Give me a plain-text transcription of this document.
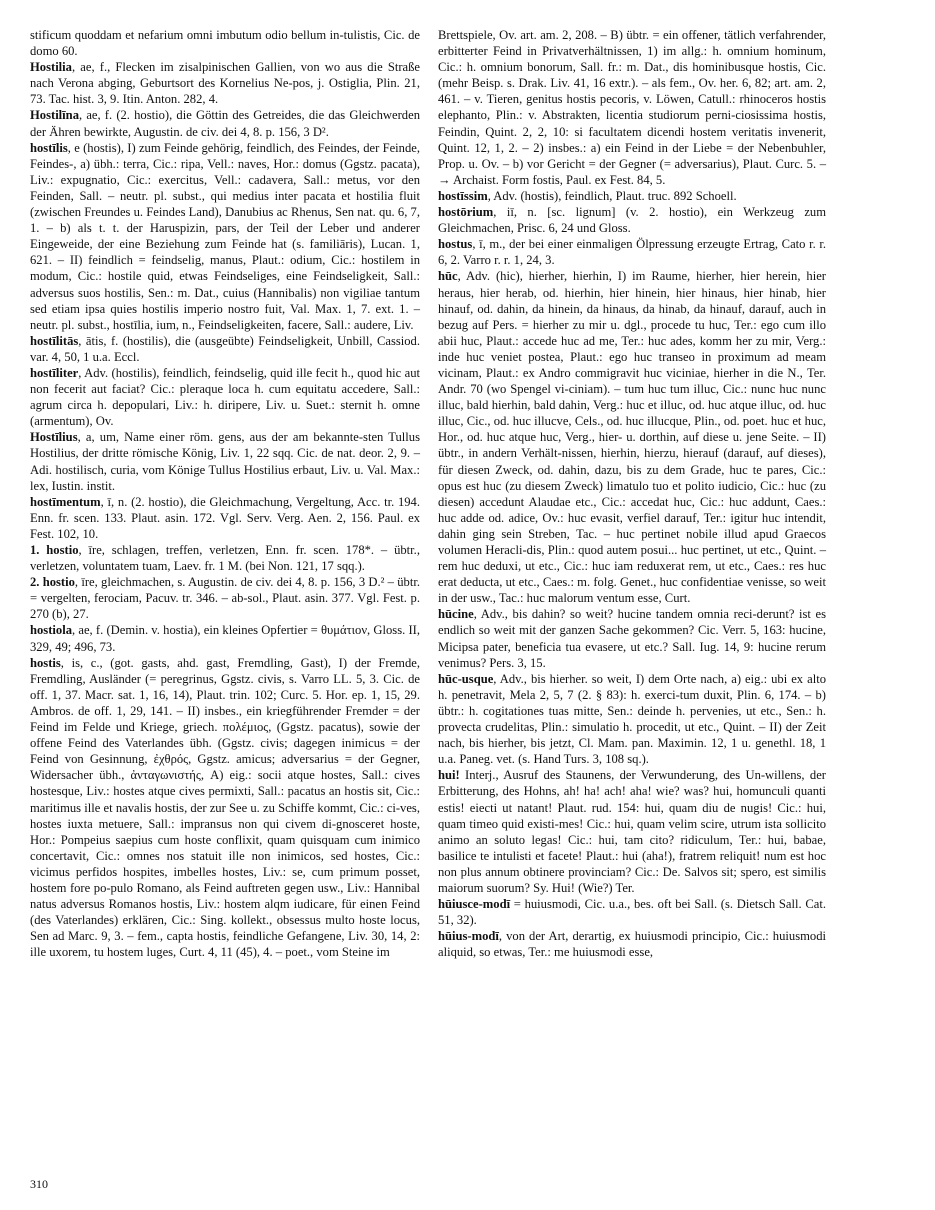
stificum quoddam et nefarium omni imbutum odio bellum in-tulistis, Cic. de domo 60.

Hostilia, ae, f., Flecken im zisalpinischen Gallien, von wo aus die Straße nach Verona abging, Geburtsort des Kornelius Ne-pos, j. Ostiglia, Plin. 21, 73. Tac. hist. 3, 9. Itin. Anton. 282, 4.

Hostilīna, ae, f. (2. hostio), die Göttin des Getreides, die das Gleichwerden der Ähren bewirkte, Augustin. de civ. dei 4, 8. p. 156, 3 D².

hostīlis, e (hostis), I) zum Feinde gehörig, feindlich, des Feindes, der Feinde, Feindes-, a) übh.: terra, Cic.: ripa, Vell.: naves, Hor.: domus (Ggstz. pacata), Liv.: expugnatio, Cic.: exercitus, Vell.: cadavera, Sall.: metus, vor den Feinden, Sall. – neutr. pl. subst., qui medius inter pacata et hostilia fluit (zwischen Freundes u. Feindes Land), Danubius ac Rhenus, Sen nat. qu. 6, 7, 1. – b) als t. t. der Haruspizin, pars, der Teil der Leber und anderer Eingeweide, der eine Beziehung zum Feinde hat (s. familiāris), Lucan. 1, 621. – II) feindlich = feindselig, manus, Plaut.: odium, Cic.: hostilem in modum, Cic.: hostile quid, etwas Feindseliges, eine Feindseligkeit, Sall.: adversus suos hostilis, Sen.: m. Dat., cuius (Hannibalis) non vigiliae tantum sed etiam ipsa quies hostilis imperio nostro fuit, Val. Max. 1, 7. ext. 1. – neutr. pl. subst., hostīlia, ium, n., Feindseligkeiten, facere, Sall.: audere, Liv.

hostīlitās, ātis, f. (hostilis), die (ausgeübte) Feindseligkeit, Unbill, Cassiod. var. 4, 50, 1 u.a. Eccl.

hostīliter, Adv. (hostilis), feindlich, feindselig, quid ille fecit h., quod hic aut non fecerit aut faciat? Cic.: pleraque loca h. cum equitatu accedere, Sall.: agrum circa h. depopulari, Liv.: h. diripere, Liv. u. Suet.: sternit h. omne (armentum), Ov.

Hostīlius, a, um, Name einer röm. gens, aus der am bekannte-sten Tullus Hostilius, der dritte römische König, Liv. 1, 22 sqq. Cic. de nat. deor. 2, 9. – Adi. hostilisch, curia, vom Könige Tullus Hostilius erbaut, Liv. u. Val. Max.: lex, Iustin. instit.

hostīmentum, ī, n. (2. hostio), die Gleichmachung, Vergeltung, Acc. tr. 194. Enn. fr. scen. 133. Plaut. asin. 172. Vgl. Serv. Verg. Aen. 2, 156. Paul. ex Fest. 102, 10.

1. hostio, īre, schlagen, treffen, verletzen, Enn. fr. scen. 178*. – übtr., verletzen, voluntatem tuam, Laev. fr. 1 M. (bei Non. 121, 17 sqq.).

2. hostio, īre, gleichmachen, s. Augustin. de civ. dei 4, 8. p. 156, 3 D.² – übtr. = vergelten, ferociam, Pacuv. tr. 346. – ab-sol., Plaut. asin. 377. Vgl. Fest. p. 270 (b), 27.

hostiola, ae, f. (Demin. v. hostia), ein kleines Opfertier = θυμάτιον, Gloss. II, 329, 49; 496, 73.

hostis, is, c., (got. gasts, ahd. gast, Fremdling, Gast), I) der Fremde, Fremdling, Ausländer (= peregrinus, Ggstz. civis, s. Varro LL. 5, 3. Cic. de off. 1, 37. Macr. sat. 1, 16, 14), Plaut. trin. 102; Curc. 5. Hor. ep. 1, 15, 29. Ambros. de off. 1, 29, 141. – II) insbes., ein kriegführender Fremder = der Feind im Felde und Kriege, griech. πολέμιος, (Ggstz. pacatus), sowie der offene Feind des Vaterlandes übh. (Ggstz. civis; dagegen inimicus = der Feind von Gesinnung, ἐχθρός, Ggstz. amicus; adversarius = der Gegner, Widersacher übh., ἀνταγωνιστής, A) eig.: socii atque hostes, Sall.: cives hostesque, Liv.: hostes atque cives permixti, Sall.: pacatus an hostis sit, Cic.: maritimus ille et navalis hostis, der zur See u. zu Schiffe kommt, Cic.: ci-ves, hostes iuxta metuere, Sall.: impransus non qui civem di-gnosceret hoste, Hor.: Pompeius saepius cum hoste conflixit, quam quisquam cum inimico concertavit, Cic.: omnes nos statuit ille non inimicos, sed hostes, Cic.: vicimus perfidos hospites, imbelles hostes, Liv.: se, cum primum posset, hostem fore po-pulo Romano, als Feind auftreten gegen usw., Liv.: Hannibal natus adversus Romanos hostis, Liv.: hostem alqm iudicare, für einen Feind (des Vaterlandes) erklären, Cic.: Sing. kollekt., obsessus multo hoste locus, Sen ad Marc. 9, 3. – fem., capta hostis, feindliche Gefangene, Liv. 30, 14, 2: ille uxorem, tu hostem luges, Curt. 4, 11 (45), 4. – poet., vom Steine im

Brettspiele, Ov. art. am. 2, 208. – B) übtr. = ein offener, tätlich verfahrender, erbitterter Feind in Privatverhältnissen, 1) im allg.: h. omnium hominum, Cic.: h. omnium bonorum, Sall. fr.: m. Dat., dis hominibusque hostis, Cic. (mehr Beisp. s. Drak. Liv. 41, 16 extr.). – als fem., Ov. her. 6, 82; art. am. 2, 461. – v. Tieren, genitus hostis pecoris, v. Löwen, Catull.: rhinoceros hostis elephanto, Plin.: v. Abstrakten, licentia studiorum perni-ciosissima hostis, Feindin, Quint. 2, 2, 10: si facultatem dicendi hostem veritatis invenerit, Quint. 12, 1, 2. – 2) insbes.: a) ein Feind in der Liebe = der Nebenbuhler, Prop. u. Ov. – b) vor Gericht = der Gegner (= adversarius), Plaut. Curc. 5. – → Archaist. Form fostis, Paul. ex Fest. 84, 5.

hostīssim, Adv. (hostis), feindlich, Plaut. truc. 892 Schoell.

hostōrium, iī, n. [sc. lignum] (v. 2. hostio), ein Werkzeug zum Gleichmachen, Prisc. 6, 24 und Gloss.

hostus, ī, m., der bei einer einmaligen Ölpressung erzeugte Ertrag, Cato r. r. 6, 2. Varro r. r. 1, 24, 3.

hūc, Adv. (hic), hierher, hierhin, I) im Raume, hierher, hier herein, hier heraus, hier herab, od. hierhin, hier hinein, hier hinaus, hier hinab, hier hinauf, od. dahin, da hinein, da hinaus, da hinab, da hinauf, darauf, auch in bezug auf Pers. = hierher zu mir u. dgl., procede tu huc, Ter.: ego cum illo abii huc, Plaut.: accede huc ad me, Ter.: huc ades, komm her zu mir, Verg.: inde huc veniet postea, Plaut.: ego huc transeo in proximum ad meam vicinam, Plaut.: ex Andro commigravit huc viciniae, hierher in die N., Ter. Andr. 70 (wo Spengel vi-ciniam). – tum huc tum illuc, Cic.: nunc huc nunc illuc, bald hierhin, bald dahin, Verg.: huc et illuc, od. huc atque illuc, od. huc illuc, Cic., od. huc illucve, Cels., od. huc illucque, Plin., od. poet. huc et huc, Hor., od. huc atque huc, Verg., hier- u. dorthin, auf diese u. jene Seite. – II) übtr., in andern Verhält-nissen, hierhin, hierzu, hierauf (darauf, auf dieses), für diesen Zweck, od. dahin, dazu, bis zu dem Grade, huc te pares, Cic.: opus est huc (zu diesem Zweck) limatulo tuo et polito iudicio, Cic.: huc (zu diesen) accedunt Alaudae etc., Cic.: accedat huc, Cic.: huc addunt, Caes.: huc adde od. adice, Ov.: huc evasit, verfiel darauf, Ter.: igitur huc intendit, dahin ging sein Streben, Tac. – huc pertinet nobile illud apud Graecos volumen Heracli-dis, Plin.: quod autem posui... huc pertinet, ut etc., Quint. – rem huc deduxi, ut etc., Cic.: huc iam reduxerat rem, ut etc., Caes.: res huc erat deducta, ut etc., Caes.: m. folg. Genet., huc confidentiae venisse, so weit in der usw., Tac.: huc malorum ventum esse, Curt.

hūcine, Adv., bis dahin? so weit? hucine tandem omnia reci-derunt? ist es endlich so weit mit der ganzen Sache gekommen? Cic. Verr. 5, 163: hucine, Micipsa pater, beneficia tua evasere, ut etc.? Sall. Iug. 14, 9: hucine rerum venimus? Pers. 3, 15.

hūc-usque, Adv., bis hierher. so weit, I) dem Orte nach, a) eig.: ubi ex alto h. penetravit, Mela 2, 5, 7 (2. § 83): h. exerci-tum duxit, Plin. 6, 174. – b) übtr.: h. cogitationes tuas mitte, Sen.: deinde h. pervenies, ut etc., Sen.: h. provecta crudelitas, Plin.: simulatio h. procedit, ut etc., Quint. – II) der Zeit nach, bis hierher, bis jetzt, Cl. Mam. pan. Maximin. 12, 1 u. genethl. 18, 1 u.a. Paneg. vet. (s. Hand Turs. 3, 108 sq.).

hui! Interj., Ausruf des Staunens, der Verwunderung, des Un-willens, der Erbitterung, des Hohns, ah! ha! ach! aha! wie? was? hui, homunculi quanti estis! eiecti ut natant! Plaut. rud. 154: hui, quam diu de nugis! Cic.: hui, quam timeo quid existi-mes! Cic.: hui, quam velim scire, utrum ista sollicito animo an soluto legas! Cic.: hui, tam cito? ridiculum, Ter.: hui, babae, basilice te intulisti et facete! Plaut.: hui (aha!), fratrem reliquit! num est hoc non plus annum obtinere provinciam? Cic.: De. Salvos sit; spero, est similis maiorum suorum? Sy. Hui! (Wie?) Ter.

hūiusce-modī = huiusmodi, Cic. u.a., bes. oft bei Sall. (s. Dietsch Sall. Cat. 51, 32).

hūius-modī, von der Art, derartig, ex huiusmodi principio, Cic.: huiusmodi aliquid, so etwas, Ter.: me huiusmodi esse,

310
